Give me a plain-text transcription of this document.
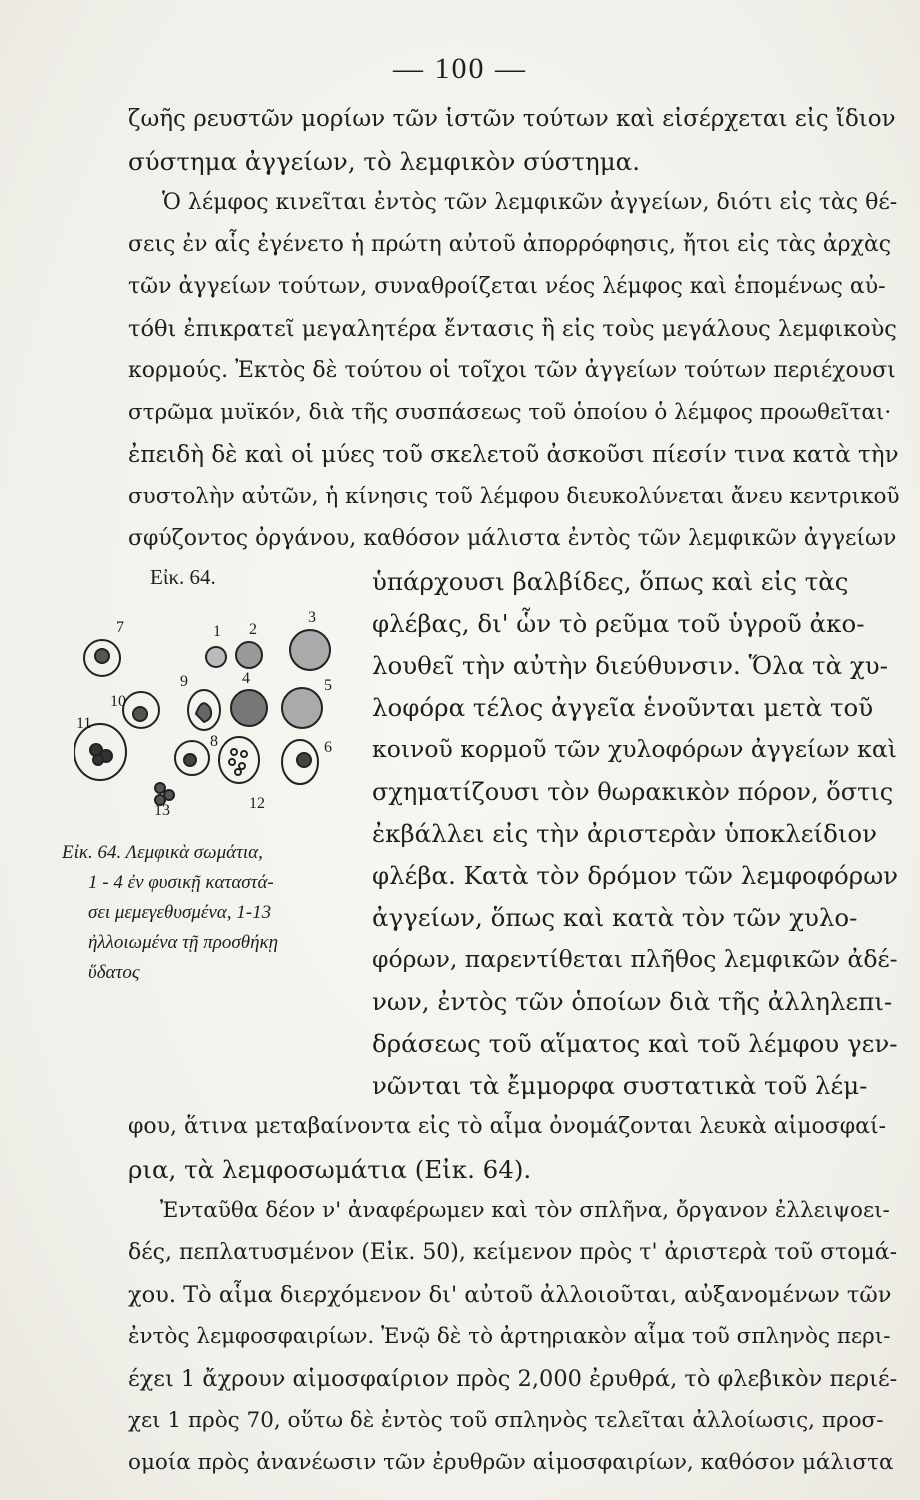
— 100 —
ζωῆς ρευστῶν μορίων τῶν ἱστῶν τούτων καὶ εἰσέρχεται εἰς ἴδιον
σύστημα ἀγγείων, τὸ λεμφικὸν σύστημα.
Ὁ λέμφος κινεῖται ἐντὸς τῶν λεμφικῶν ἀγγείων, διότι εἰς τὰς θέ-
σεις ἐν αἷς ἐγένετο ἡ πρώτη αὐτοῦ ἀπορρόφησις, ἤτοι εἰς τὰς ἀρχὰς
τῶν ἀγγείων τούτων, συναθροίζεται νέος λέμφος καὶ ἑπομένως αὐ-
τόθι ἐπικρατεῖ μεγαλητέρα ἔντασις ἢ εἰς τοὺς μεγάλους λεμφικοὺς
κορμούς. Ἐκτὸς δὲ τούτου οἱ τοῖχοι τῶν ἀγγείων τούτων περιέχουσι
στρῶμα μυϊκόν, διὰ τῆς συσπάσεως τοῦ ὁποίου ὁ λέμφος προωθεῖται·
ἐπειδὴ δὲ καὶ οἱ μύες τοῦ σκελετοῦ ἀσκοῦσι πίεσίν τινα κατὰ τὴν
συστολὴν αὐτῶν, ἡ κίνησις τοῦ λέμφου διευκολύνεται ἄνευ κεντρικοῦ
σφύζοντος ὀργάνου, καθόσον μάλιστα ἐντὸς τῶν λεμφικῶν ἀγγείων
ὑπάρχουσι βαλβίδες, ὅπως καὶ εἰς τὰς
φλέβας, δι' ὧν τὸ ρεῦμα τοῦ ὑγροῦ ἀκο-
λουθεῖ τὴν αὐτὴν διεύθυνσιν. Ὅλα τὰ χυ-
λοφόρα τέλος ἀγγεῖα ἑνοῦνται μετὰ τοῦ
κοινοῦ κορμοῦ τῶν χυλοφόρων ἀγγείων καὶ
σχηματίζουσι τὸν θωρακικὸν πόρον, ὅστις
ἐκβάλλει εἰς τὴν ἀριστερὰν ὑποκλείδιον
φλέβα. Κατὰ τὸν δρόμον τῶν λεμφοφόρων
ἀγγείων, ὅπως καὶ κατὰ τὸν τῶν χυλο-
φόρων, παρεντίθεται πλῆθος λεμφικῶν ἀδέ-
νων, ἐντὸς τῶν ὁποίων διὰ τῆς ἀλληλεπι-
δράσεως τοῦ αἵματος καὶ τοῦ λέμφου γεν-
νῶνται τὰ ἔμμορφα συστατικὰ τοῦ λέμ-
φου, ἅτινα μεταβαίνοντα εἰς τὸ αἷμα ὀνομάζονται λευκὰ αἱμοσφαί-
ρια, τὰ λεμφοσωμάτια (Εἰκ. 64).
Ἐνταῦθα δέον ν' ἀναφέρωμεν καὶ τὸν σπλῆνα, ὄργανον ἐλλειψοει-
δές, πεπλατυσμένον (Εἰκ. 50), κείμενον πρὸς τ' ἀριστερὰ τοῦ στομά-
χου. Τὸ αἷμα διερχόμενον δι' αὐτοῦ ἀλλοιοῦται, αὐξανομένων τῶν
ἐντὸς λεμφοσφαιρίων. Ἐνῷ δὲ τὸ ἀρτηριακὸν αἷμα τοῦ σπληνὸς περι-
έχει 1 ἄχρουν αἱμοσφαίριον πρὸς 2,000 ἐρυθρά, τὸ φλεβικὸν περιέ-
χει 1 πρὸς 70, οὕτω δὲ ἐντὸς τοῦ σπληνὸς τελεῖται ἀλλοίωσις, προσ-
ομοία πρὸς ἀνανέωσιν τῶν ἐρυθρῶν αἱμοσφαιρίων, καθόσον μάλιστα
Εἰκ. 64.
7	1 2
3
4	5
6
8
9
10
11
12
13
Εἰκ. 64. Λεμφικὰ σωμάτια,
1 - 4 ἐν φυσικῇ καταστά-
σει μεμεγεθυσμένα, 1-13
ἠλλοιωμένα τῇ προσθήκῃ
ὕδατος
